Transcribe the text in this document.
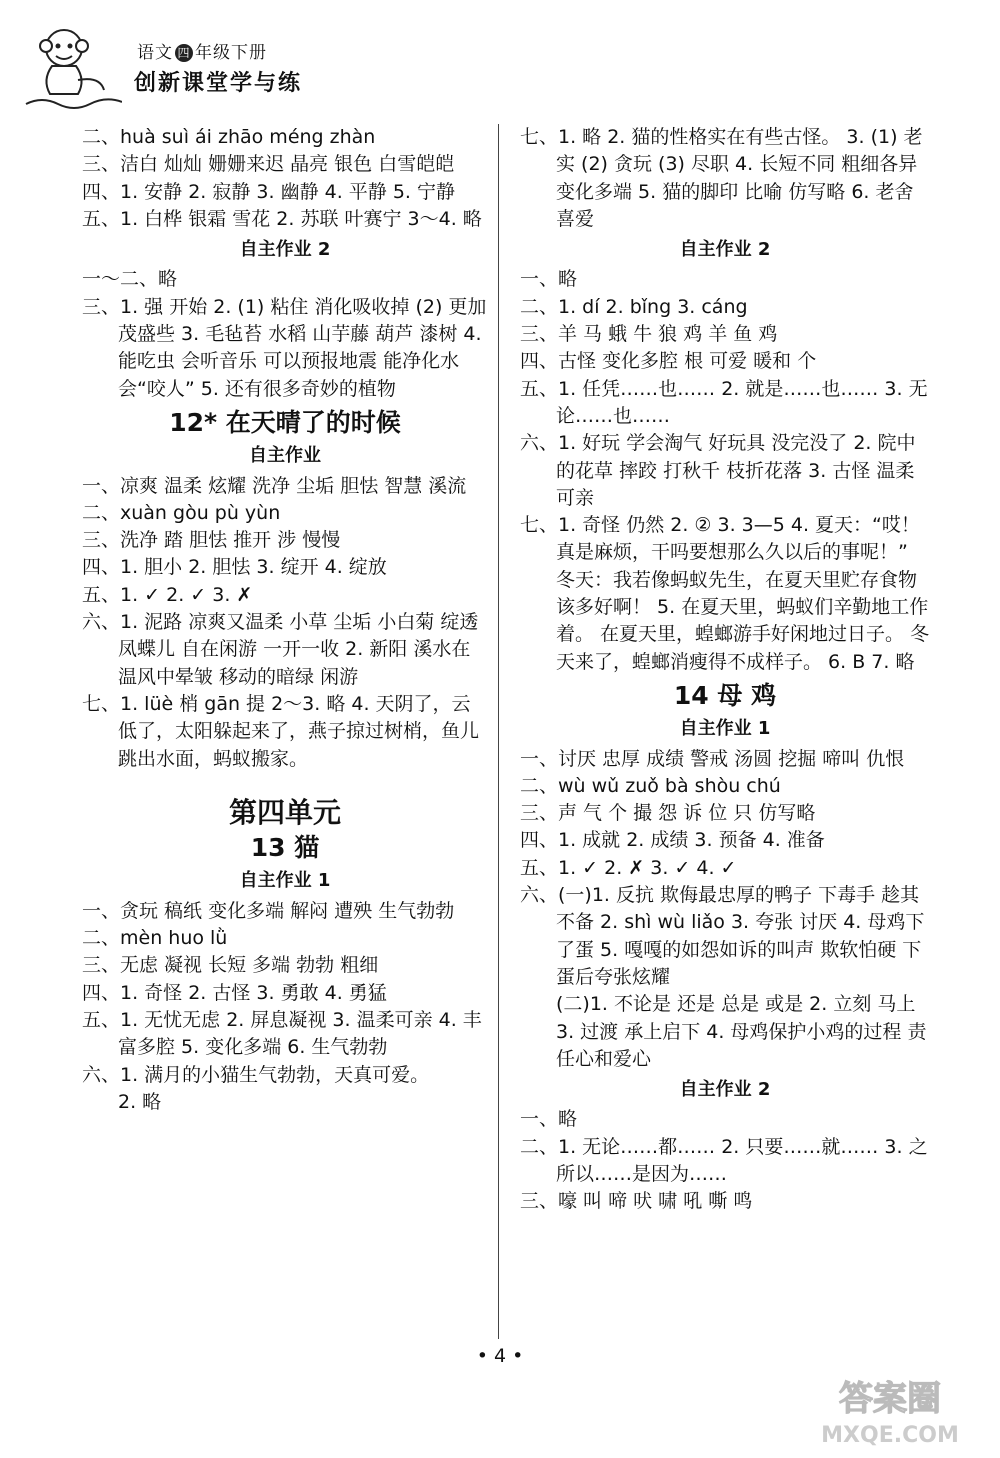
语文 四 年级下册
创新课堂学与练

二、huà suì ái zhāo méng zhàn

三、洁白 灿灿 姗姗来迟 晶亮 银色 白雪皑皑

四、1. 安静 2. 寂静 3. 幽静 4. 平静 5. 宁静

五、1. 白桦 银霜 雪花 2. 苏联 叶赛宁 3～4. 略

自主作业 2

一～二、略

三、1. 强 开始 2. (1) 粘住 消化吸收掉 (2) 更加茂盛些 3. 毛毡苔 水稻 山芋藤 葫芦 漆树 4. 能吃虫 会听音乐 可以预报地震 能净化水 会“咬人” 5. 还有很多奇妙的植物

12* 在天晴了的时候

自主作业

一、凉爽 温柔 炫耀 洗净 尘垢 胆怯 智慧 溪流

二、xuàn gòu pù yùn

三、洗净 踏 胆怯 推开 涉 慢慢

四、1. 胆小 2. 胆怯 3. 绽开 4. 绽放

五、1. ✓ 2. ✓ 3. ✗

六、1. 泥路 凉爽又温柔 小草 尘垢 小白菊 绽透 凤蝶儿 自在闲游 一开一收 2. 新阳 溪水在温风中晕皱 移动的暗绿 闲游

七、1. lüè 梢 gān 提 2～3. 略 4. 天阴了，云低了，太阳躲起来了，燕子掠过树梢，鱼儿跳出水面，蚂蚁搬家。

第四单元

13 猫

自主作业 1

一、贪玩 稿纸 变化多端 解闷 遭殃 生气勃勃

二、mèn huo lǜ

三、无虑 凝视 长短 多端 勃勃 粗细

四、1. 奇怪 2. 古怪 3. 勇敢 4. 勇猛

五、1. 无忧无虑 2. 屏息凝视 3. 温柔可亲 4. 丰富多腔 5. 变化多端 6. 生气勃勃

六、1. 满月的小猫生气勃勃，天真可爱。

2. 略

七、1. 略 2. 猫的性格实在有些古怪。 3. (1) 老实 (2) 贪玩 (3) 尽职 4. 长短不同 粗细各异 变化多端 5. 猫的脚印 比喻 仿写略 6. 老舍 喜爱

自主作业 2

一、略

二、1. dí 2. bǐng 3. cáng

三、羊 马 蛾 牛 狼 鸡 羊 鱼 鸡

四、古怪 变化多腔 根 可爱 暖和 个

五、1. 任凭……也…… 2. 就是……也…… 3. 无论……也……

六、1. 好玩 学会淘气 好玩具 没完没了 2. 院中的花草 摔跤 打秋千 枝折花落 3. 古怪 温柔可亲

七、1. 奇怪 仍然 2. ② 3. 3—5 4. 夏天：“哎！真是麻烦，干吗要想那么久以后的事呢！” 冬天：我若像蚂蚁先生，在夏天里贮存食物该多好啊！ 5. 在夏天里，蚂蚁们辛勤地工作着。 在夏天里，蝗螂游手好闲地过日子。 冬天来了，蝗螂消瘦得不成样子。 6. B 7. 略

14 母 鸡

自主作业 1

一、讨厌 忠厚 成绩 警戒 汤圆 挖掘 啼叫 仇恨

二、wù wǔ zuǒ bà shòu chú

三、声 气 个 撮 怨 诉 位 只 仿写略

四、1. 成就 2. 成绩 3. 预备 4. 准备

五、1. ✓ 2. ✗ 3. ✓ 4. ✓

六、(一)1. 反抗 欺侮最忠厚的鸭子 下毒手 趁其不备 2. shì wù liǎo 3. 夸张 讨厌 4. 母鸡下了蛋 5. 嘎嘎的如怨如诉的叫声 欺软怕硬 下蛋后夸张炫耀

(二)1. 不论是 还是 总是 或是 2. 立刻 马上 3. 过渡 承上启下 4. 母鸡保护小鸡的过程 责任心和爱心

自主作业 2

一、略

二、1. 无论……都…… 2. 只要……就…… 3. 之所以……是因为……

三、嚎 叫 啼 吠 啸 吼 嘶 鸣

• 4 •
答案圈
MXQE.COM
